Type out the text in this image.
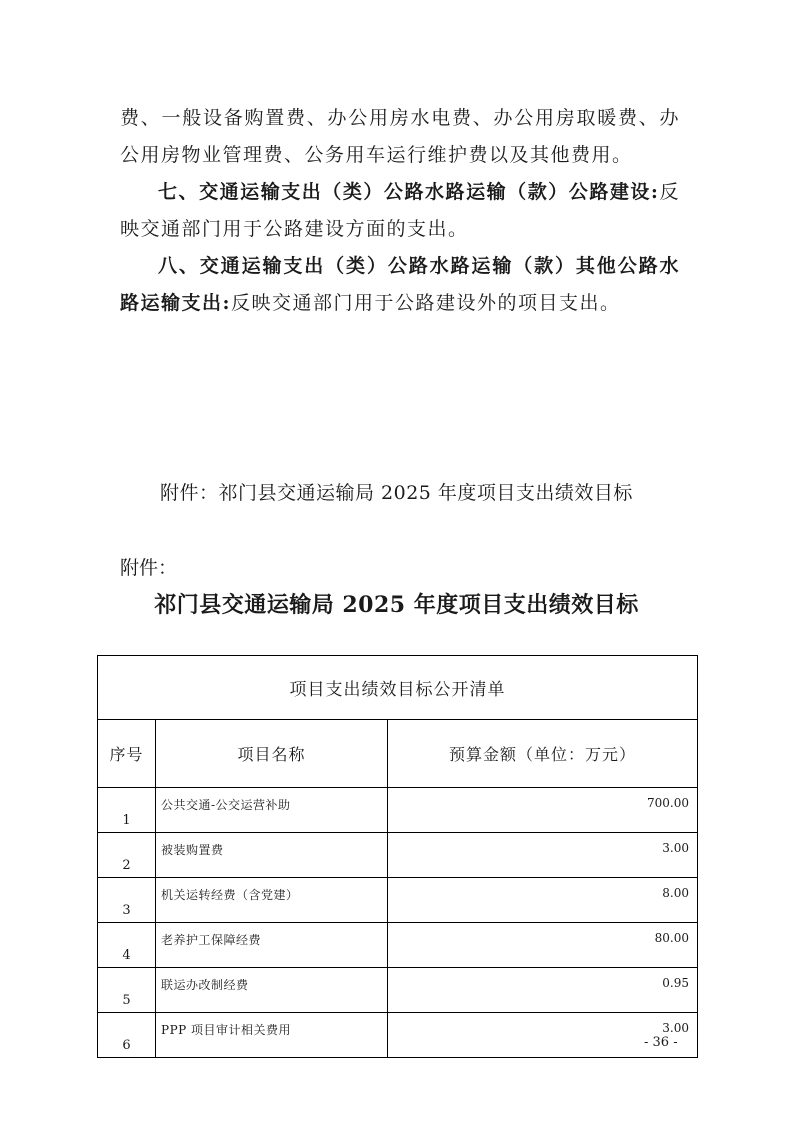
费、一般设备购置费、办公用房水电费、办公用房取暖费、办公用房物业管理费、公务用车运行维护费以及其他费用。

七、交通运输支出（类）公路水路运输（款）公路建设:反映交通部门用于公路建设方面的支出。

八、交通运输支出（类）公路水路运输（款）其他公路水路运输支出:反映交通部门用于公路建设外的项目支出。

附件：祁门县交通运输局 2025 年度项目支出绩效目标
附件：
祁门县交通运输局 2025 年度项目支出绩效目标
项目支出绩效目标公开清单		
序号	项目名称	预算金额（单位：万元）
1	公共交通-公交运营补助	700.00
2	被装购置费	3.00
3	机关运转经费（含党建）	8.00
4	老养护工保障经费	80.00
5	联运办改制经费	0.95
6	PPP 项目审计相关费用	3.00
- 36 -
